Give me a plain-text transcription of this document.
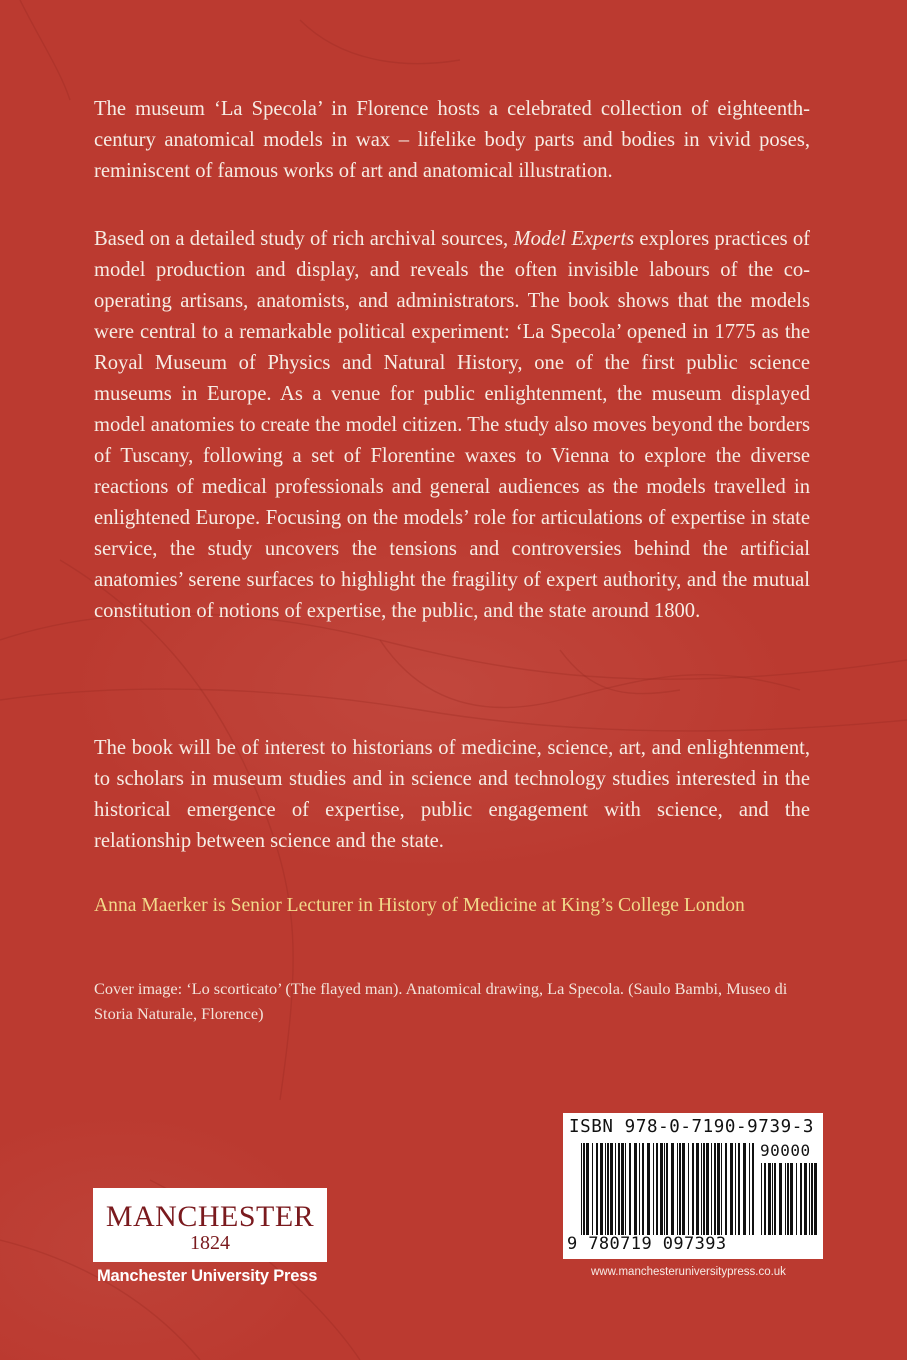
The museum ‘La Specola’ in Florence hosts a celebrated collection of eighteenth-century anatomical models in wax – lifelike body parts and bodies in vivid poses, reminiscent of famous works of art and anatomical illustration.

Based on a detailed study of rich archival sources, Model Experts explores practices of model production and display, and reveals the often invisible labours of the co-operating artisans, anatomists, and administrators. The book shows that the models were central to a remarkable political experiment: ‘La Specola’ opened in 1775 as the Royal Museum of Physics and Natural History, one of the first public science museums in Europe. As a venue for public enlightenment, the museum displayed model anatomies to create the model citizen. The study also moves beyond the borders of Tuscany, following a set of Florentine waxes to Vienna to explore the diverse reactions of medical professionals and general audiences as the models travelled in enlightened Europe. Focusing on the models’ role for articulations of expertise in state service, the study uncovers the tensions and controversies behind the artificial anatomies’ serene surfaces to highlight the fragility of expert authority, and the mutual constitution of notions of expertise, the public, and the state around 1800.

The book will be of interest to historians of medicine, science, art, and enlightenment, to scholars in museum studies and in science and technology studies interested in the historical emergence of expertise, public engagement with science, and the relationship between science and the state.

Anna Maerker is Senior Lecturer in History of Medicine at King’s College London

Cover image: ‘Lo scorticato’ (The flayed man). Anatomical drawing, La Specola. (Saulo Bambi, Museo di Storia Naturale, Florence)

MANCHESTER
1824
Manchester University Press
ISBN 978-0-7190-9739-3
90000
9 780719 097393
www.manchesteruniversitypress.co.uk
